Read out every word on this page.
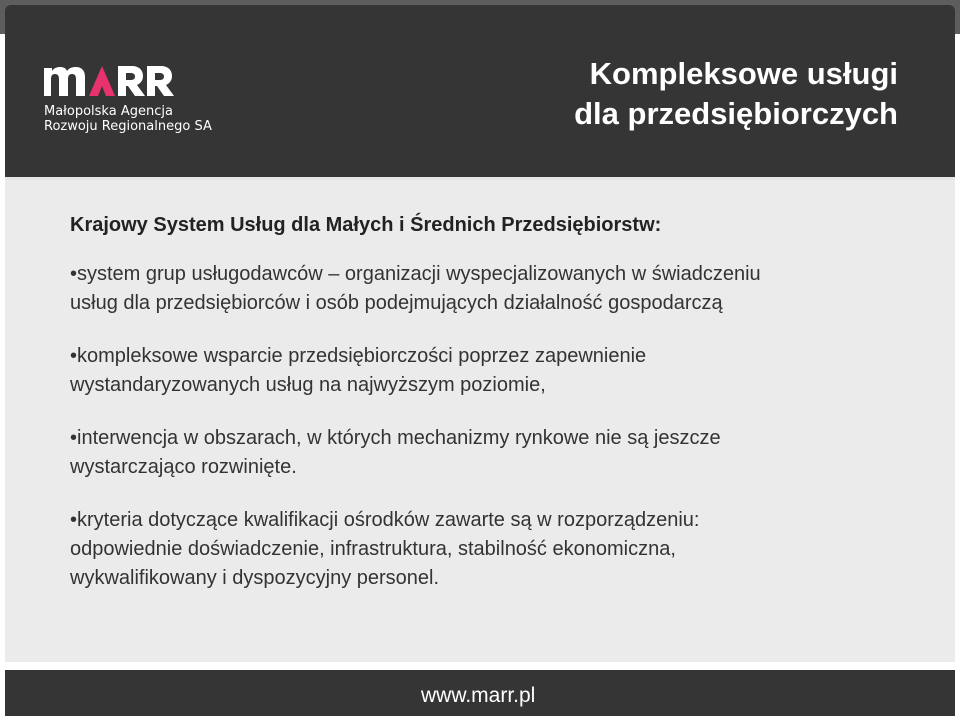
Małopolska Agencja
Rozwoju Regionalnego SA
Kompleksowe usługi
dla przedsiębiorczych
Krajowy System Usług dla Małych i Średnich Przedsiębiorstw:
•system grup usługodawców – organizacji wyspecjalizowanych w świadczeniu
usług dla przedsiębiorców i osób podejmujących działalność gospodarczą
•kompleksowe wsparcie przedsiębiorczości poprzez zapewnienie
wystandaryzowanych usług na najwyższym poziomie,
•interwencja w obszarach, w których mechanizmy rynkowe nie są jeszcze
wystarczająco rozwinięte.
•kryteria dotyczące kwalifikacji ośrodków zawarte są w rozporządzeniu:
odpowiednie doświadczenie, infrastruktura, stabilność ekonomiczna,
wykwalifikowany i dyspozycyjny personel.
www.marr.pl
